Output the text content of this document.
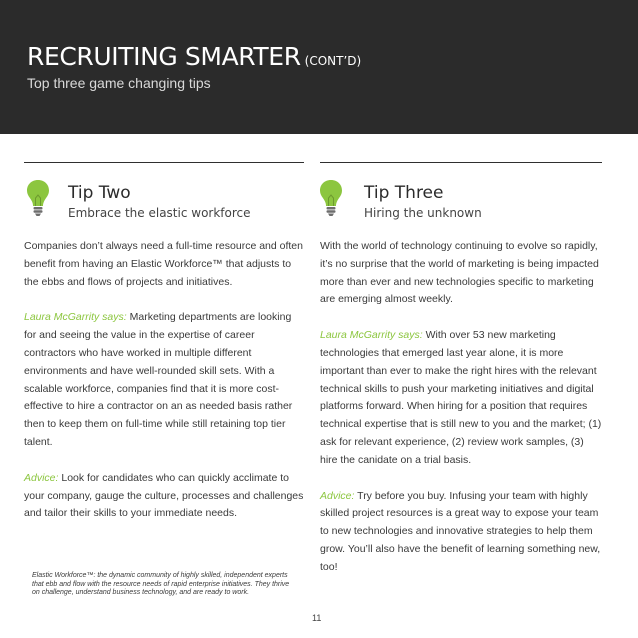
RECRUITING SMARTER (CONT’D)
Top three game changing tips
Tip Two
Embrace the elastic workforce

Companies don’t always need a full-time resource and often benefit from having an Elastic Workforce™ that adjusts to the ebbs and flows of projects and initiatives.

Laura McGarrity says: Marketing departments are looking for and seeing the value in the expertise of career contractors who have worked in multiple different environments and have well-rounded skill sets. With a scalable workforce, companies find that it is more cost-effective to hire a contractor on an as needed basis rather then to keep them on full-time while still retaining top tier talent.

Advice: Look for candidates who can quickly acclimate to your company, gauge the culture, processes and challenges and tailor their skills to your immediate needs.

Elastic Workforce™: the dynamic community of highly skilled, independent experts that ebb and flow with the resource needs of rapid enterprise initiatives. They thrive on challenge, understand business technology, and are ready to work.
Tip Three
Hiring the unknown

With the world of technology continuing to evolve so rapidly, it’s no surprise that the world of marketing is being impacted more than ever and new technologies specific to marketing are emerging almost weekly.

Laura McGarrity says: With over 53 new marketing technologies that emerged last year alone, it is more important than ever to make the right hires with the relevant technical skills to push your marketing initiatives and digital platforms forward. When hiring for a position that requires technical expertise that is still new to you and the market; (1) ask for relevant experience, (2) review work samples, (3) hire the canidate on a trial basis.

Advice: Try before you buy. Infusing your team with highly skilled project resources is a great way to expose your team to new technologies and innovative strategies to help them grow. You’ll also have the benefit of learning something new, too!

11
